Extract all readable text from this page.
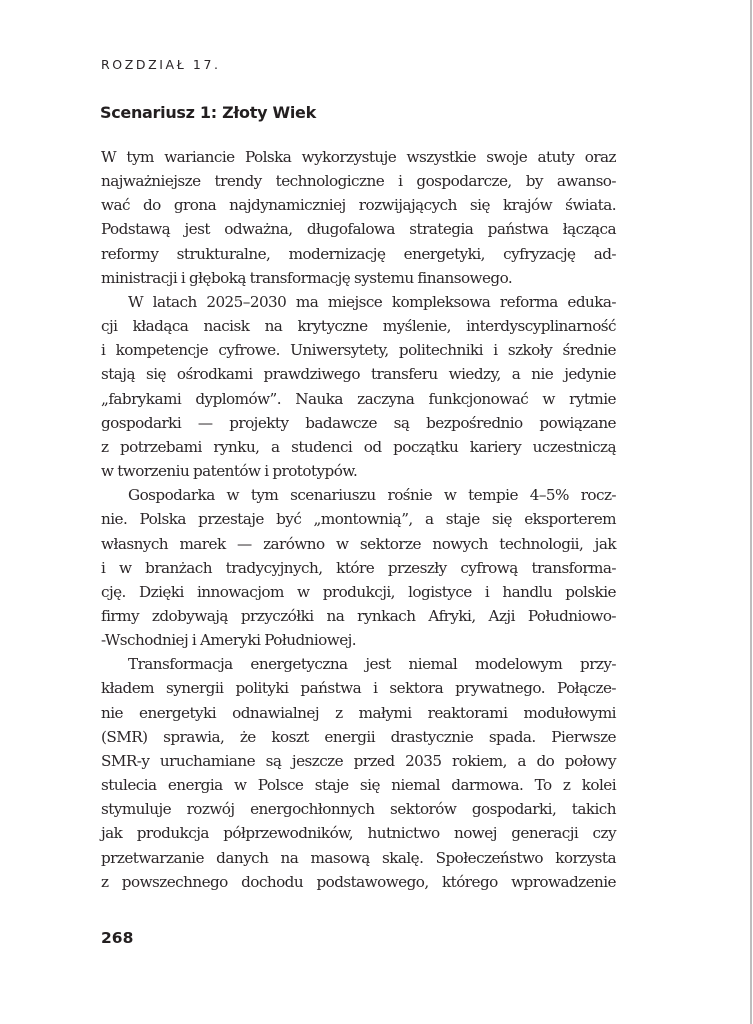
ROZDZIAŁ 17.
Scenariusz 1: Złoty Wiek
W tym wariancie Polska wykorzystuje wszystkie swoje atuty oraz
najważniejsze trendy technologiczne i gospodarcze, by awanso-
wać do grona najdynamiczniej rozwijających się krajów świata.
Podstawą jest odważna, długofalowa strategia państwa łącząca
reformy strukturalne, modernizację energetyki, cyfryzację ad-
ministracji i głęboką transformację systemu finansowego.
W latach 2025–2030 ma miejsce kompleksowa reforma eduka-
cji kładąca nacisk na krytyczne myślenie, interdyscyplinarność
i kompetencje cyfrowe. Uniwersytety, politechniki i szkoły średnie
stają się ośrodkami prawdziwego transferu wiedzy, a nie jedynie
„fabrykami dyplomów”. Nauka zaczyna funkcjonować w rytmie
gospodarki — projekty badawcze są bezpośrednio powiązane
z potrzebami rynku, a studenci od początku kariery uczestniczą
w tworzeniu patentów i prototypów.
Gospodarka w tym scenariuszu rośnie w tempie 4–5% rocz-
nie. Polska przestaje być „montownią”, a staje się eksporterem
własnych marek — zarówno w sektorze nowych technologii, jak
i w branżach tradycyjnych, które przeszły cyfrową transforma-
cję. Dzięki innowacjom w produkcji, logistyce i handlu polskie
firmy zdobywają przyczółki na rynkach Afryki, Azji Południowo-
-Wschodniej i Ameryki Południowej.
Transformacja energetyczna jest niemal modelowym przy-
kładem synergii polityki państwa i sektora prywatnego. Połącze-
nie energetyki odnawialnej z małymi reaktorami modułowymi
(SMR) sprawia, że koszt energii drastycznie spada. Pierwsze
SMR-y uruchamiane są jeszcze przed 2035 rokiem, a do połowy
stulecia energia w Polsce staje się niemal darmowa. To z kolei
stymuluje rozwój energochłonnych sektorów gospodarki, takich
jak produkcja półprzewodników, hutnictwo nowej generacji czy
przetwarzanie danych na masową skalę. Społeczeństwo korzysta
z powszechnego dochodu podstawowego, którego wprowadzenie
268
